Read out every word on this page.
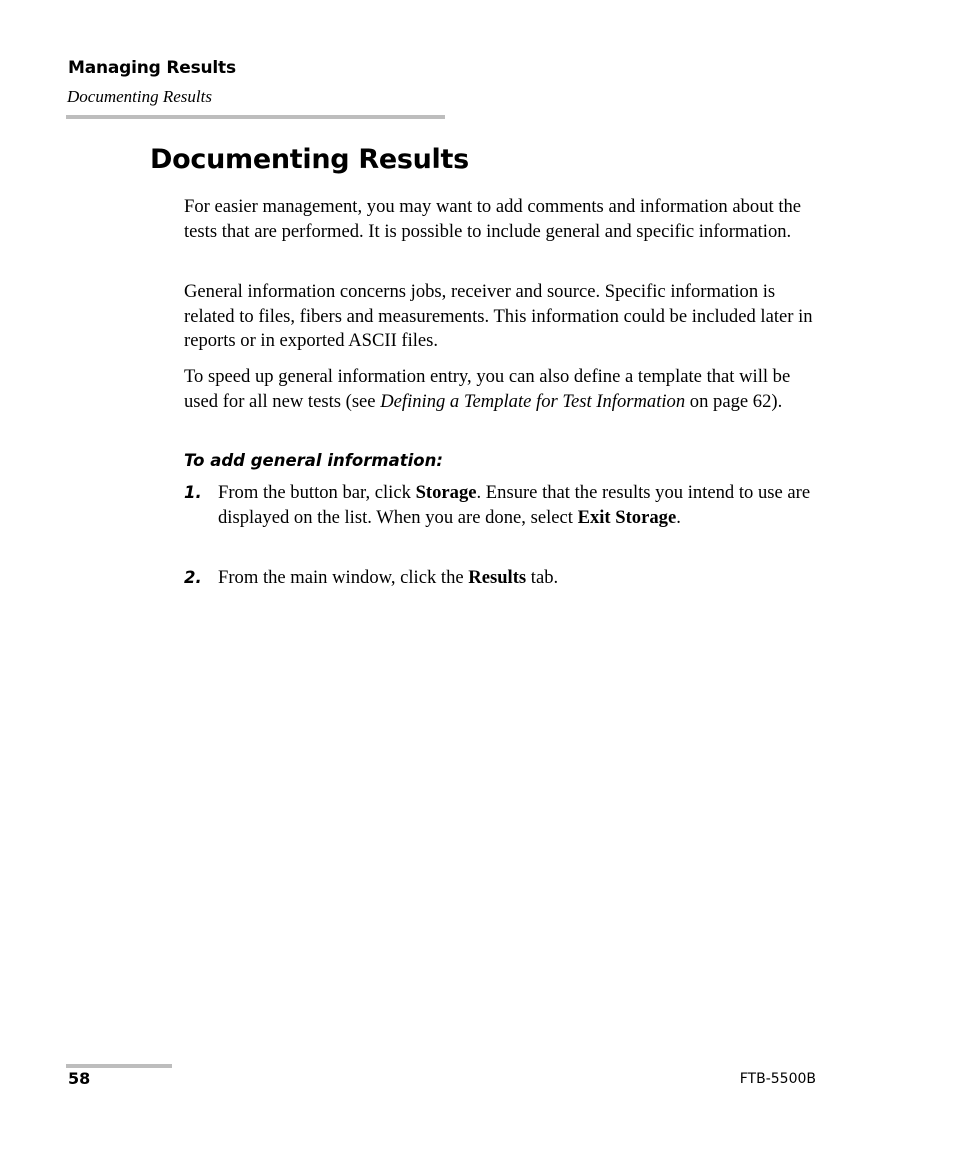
Managing Results
Documenting Results
Documenting Results

For easier management, you may want to add comments and information about the tests that are performed. It is possible to include general and specific information.

General information concerns jobs, receiver and source. Specific information is related to files, fibers and measurements. This information could be included later in reports or in exported ASCII files.

To speed up general information entry, you can also define a template that will be used for all new tests (see Defining a Template for Test Information on page 62).

To add general information:
1. From the button bar, click Storage. Ensure that the results you intend to use are displayed on the list. When you are done, select Exit Storage.

2. From the main window, click the Results tab.

58	FTB-5500B
